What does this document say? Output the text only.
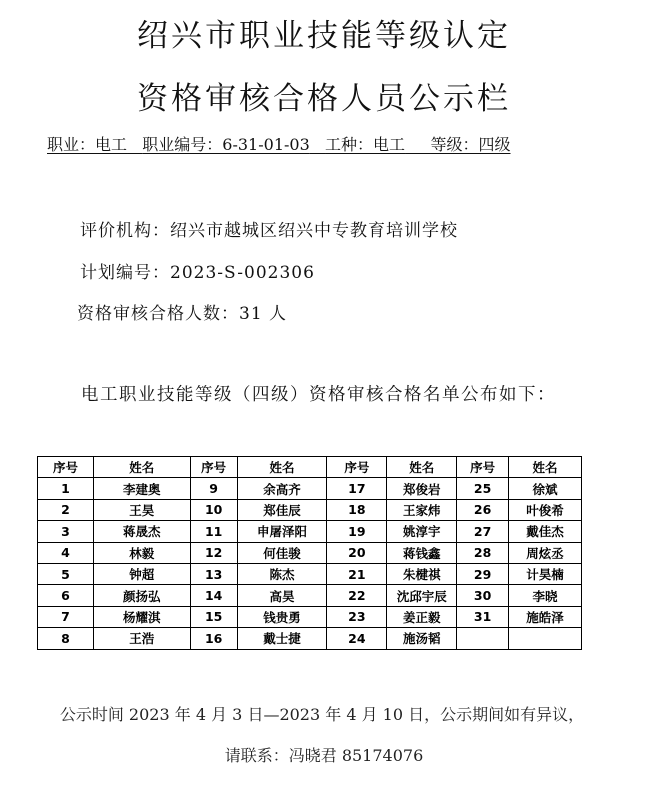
绍兴市职业技能等级认定
资格审核合格人员公示栏
职业：电工 职业编号：6-31-01-03 工种：电工 等级：四级
评价机构：绍兴市越城区绍兴中专教育培训学校
计划编号：2023-S-002306
资格审核合格人数：31 人
电工职业技能等级（四级）资格审核合格名单公布如下：
序号	姓名	序号	姓名	序号	姓名	序号	姓名
1	李建奥	9	余高齐	17	郑俊岩	25	徐斌
2	王昊	10	郑佳辰	18	王家炜	26	叶俊希
3	蒋晟杰	11	申屠泽阳	19	姚淳宇	27	戴佳杰
4	林毅	12	何佳骏	20	蒋钱鑫	28	周炫丞
5	钟超	13	陈杰	21	朱楗祺	29	计昊楠
6	颜扬弘	14	高昊	22	沈邱宇辰	30	李晓
7	杨耀淇	15	钱贵勇	23	姜正毅	31	施皓泽
8	王浩	16	戴士捷	24	施汤韬		
公示时间 2023 年 4 月 3 日—2023 年 4 月 10 日，公示期间如有异议，
请联系：冯晓君 85174076
